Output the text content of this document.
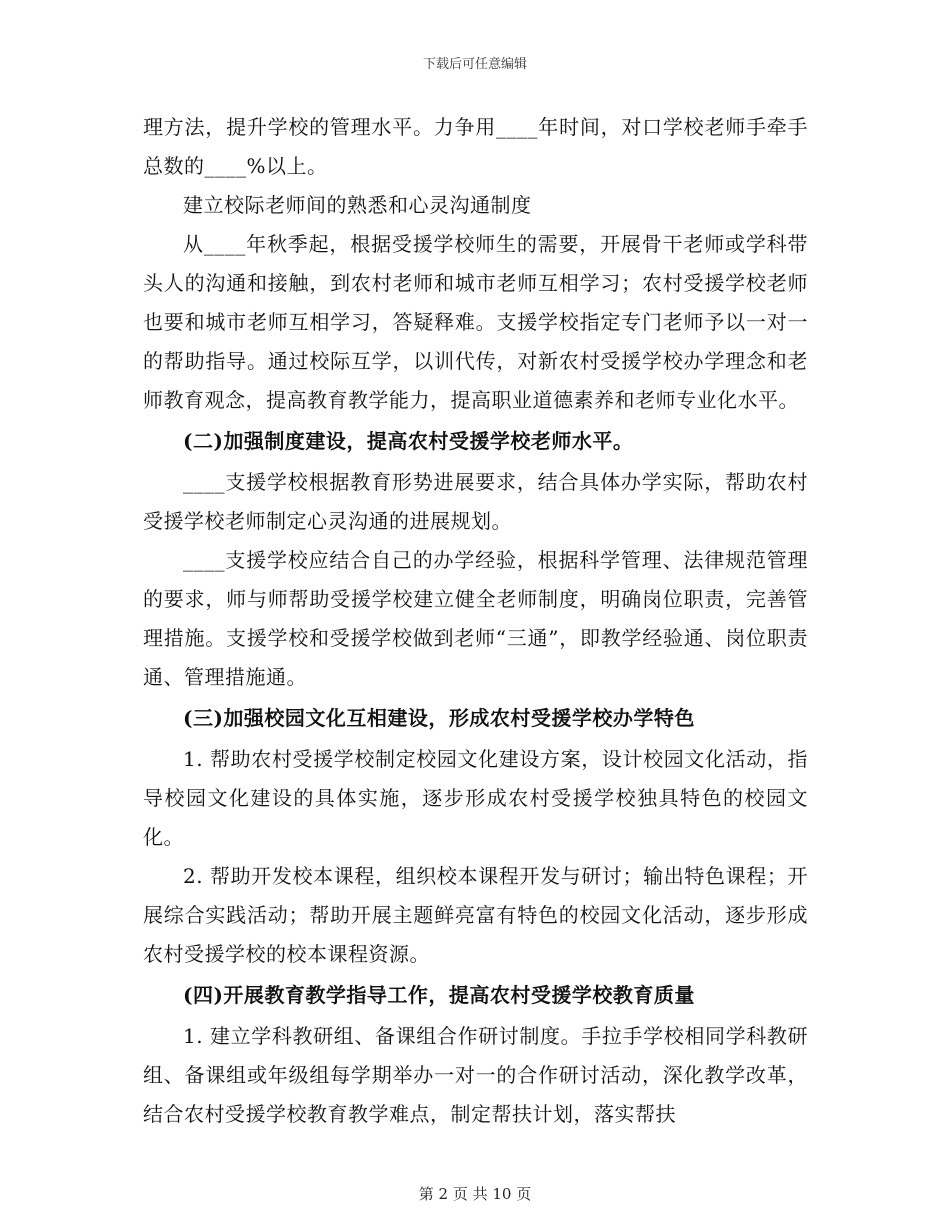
下载后可任意编辑

理方法，提升学校的管理水平。力争用____年时间，对口学校老师手牵手总数的____%以上。

建立校际老师间的熟悉和心灵沟通制度

从____年秋季起，根据受援学校师生的需要，开展骨干老师或学科带头人的沟通和接触，到农村老师和城市老师互相学习；农村受援学校老师也要和城市老师互相学习，答疑释难。支援学校指定专门老师予以一对一的帮助指导。通过校际互学，以训代传，对新农村受援学校办学理念和老师教育观念，提高教育教学能力，提高职业道德素养和老师专业化水平。

(二)加强制度建设，提高农村受援学校老师水平。

____支援学校根据教育形势进展要求，结合具体办学实际，帮助农村受援学校老师制定心灵沟通的进展规划。

____支援学校应结合自己的办学经验，根据科学管理、法律规范管理的要求，师与师帮助受援学校建立健全老师制度，明确岗位职责，完善管理措施。支援学校和受援学校做到老师“三通”，即教学经验通、岗位职责通、管理措施通。

(三)加强校园文化互相建设，形成农村受援学校办学特色

1. 帮助农村受援学校制定校园文化建设方案，设计校园文化活动，指导校园文化建设的具体实施，逐步形成农村受援学校独具特色的校园文化。

2. 帮助开发校本课程，组织校本课程开发与研讨；输出特色课程；开展综合实践活动；帮助开展主题鲜亮富有特色的校园文化活动，逐步形成农村受援学校的校本课程资源。

(四)开展教育教学指导工作，提高农村受援学校教育质量

1. 建立学科教研组、备课组合作研讨制度。手拉手学校相同学科教研组、备课组或年级组每学期举办一对一的合作研讨活动，深化教学改革，结合农村受援学校教育教学难点，制定帮扶计划，落实帮扶

第 2 页 共 10 页
